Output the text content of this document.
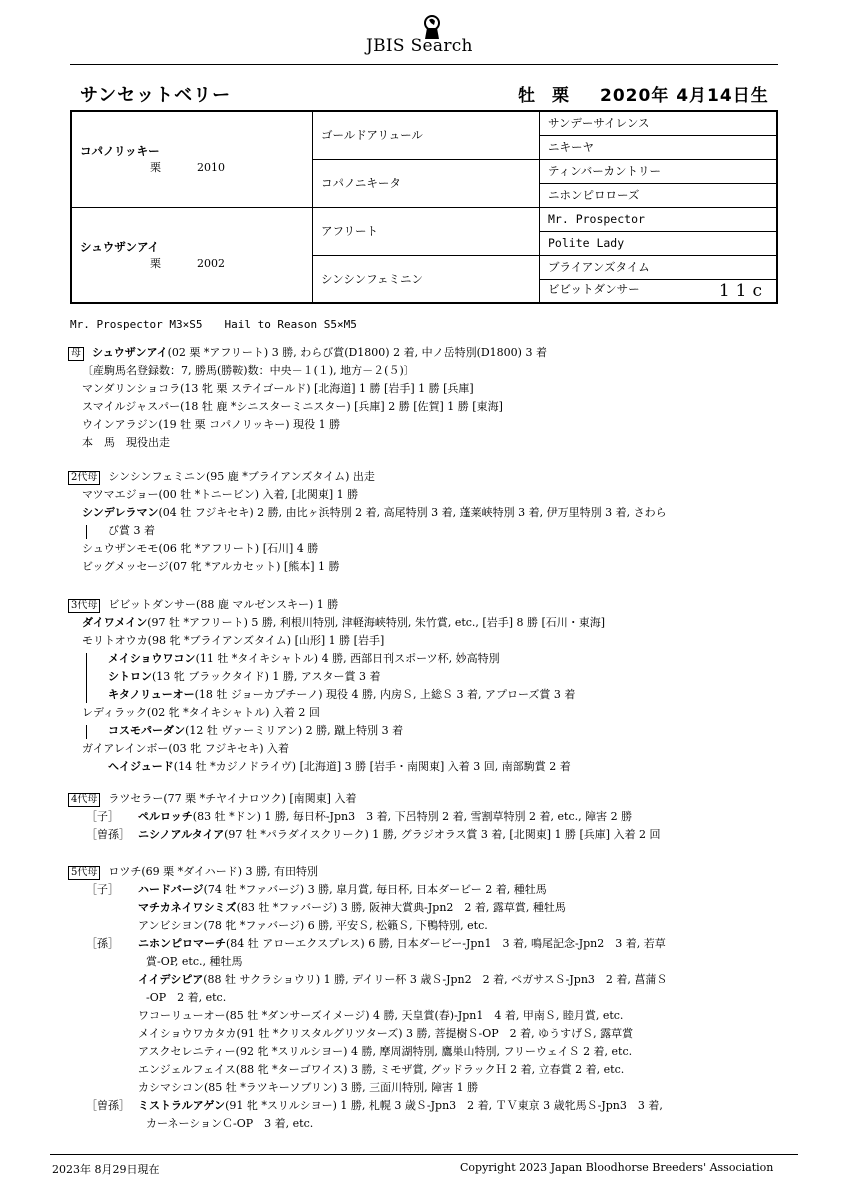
JBIS Search
サンセットベリー	牡 栗 2020年 4月14日生
コパノリッキー
栗 2010	ゴールドアリュール	サンデーサイレンス
		ニキーヤ
	コパノニキータ	ティンバーカントリー
		ニホンピロローズ

シュウザンアイ
栗 2002	アフリート	Mr. Prospector
		Polite Lady
	シンシンフェミニン	ブライアンズタイム
		ビビットダンサー 11c
Mr. Prospector M3×S5 Hail to Reason S5×M5
母 シュウザンアイ(02 栗 *アフリート) 3 勝, わらび賞(D1800) 2 着, 中ノ岳特別(D1800) 3 着
〔産駒馬名登録数：7, 勝馬(勝鞍)数：中央－１(１), 地方－２(５)〕
マンダリンショコラ(13 牝 栗 ステイゴールド) [北海道] 1 勝 [岩手] 1 勝 [兵庫]
スマイルジャスパー(18 牡 鹿 *シニスターミニスター) [兵庫] 2 勝 [佐賀] 1 勝 [東海]
ウインアラジン(19 牡 栗 コパノリッキー) 現役 1 勝
本　馬　現役出走
2代母 シンシンフェミニン(95 鹿 *ブライアンズタイム) 出走
マツマエジョー(00 牡 *トニービン) 入着, [北関東] 1 勝
シンデレラマン(04 牡 フジキセキ) 2 勝, 由比ヶ浜特別 2 着, 高尾特別 3 着, 蓬莱峡特別 3 着, 伊万里特別 3 着, さわら
び賞 3 着
シュウザンモモ(06 牝 *アフリート) [石川] 4 勝
ビッグメッセージ(07 牝 *アルカセット) [熊本] 1 勝
3代母 ビビットダンサー(88 鹿 マルゼンスキー) 1 勝
ダイワメイン(97 牡 *アフリート) 5 勝, 利根川特別, 津軽海峡特別, 朱竹賞, etc., [岩手] 8 勝 [石川・東海]
モリトオウカ(98 牝 *ブライアンズタイム) [山形] 1 勝 [岩手]
メイショウワコン(11 牡 *タイキシャトル) 4 勝, 西部日刊スポーツ杯, 妙高特別
シトロン(13 牝 ブラックタイド) 1 勝, アスター賞 3 着
キタノリューオー(18 牡 ジョーカプチーノ) 現役 4 勝, 内房Ｓ, 上総Ｓ 3 着, アプローズ賞 3 着
レディラック(02 牝 *タイキシャトル) 入着 2 回
コスモパーダン(12 牡 ヴァーミリアン) 2 勝, 蹴上特別 3 着
ガイアレインボー(03 牝 フジキセキ) 入着
ヘイジュード(14 牡 *カジノドライヴ) [北海道] 3 勝 [岩手・南関東] 入着 3 回, 南部駒賞 2 着
4代母 ラツセラー(77 栗 *チヤイナロツク) [南関東] 入着
［子］ ペルロッチ(83 牡 *ドン) 1 勝, 毎日杯-Jpn3　3 着, 下呂特別 2 着, 雪割草特別 2 着, etc., 障害 2 勝
［曽孫］ ニシノアルタイア(97 牡 *パラダイスクリーク) 1 勝, グラジオラス賞 3 着, [北関東] 1 勝 [兵庫] 入着 2 回
5代母 ロツチ(69 栗 *ダイハード) 3 勝, 有田特別
［子］ ハードバージ(74 牡 *ファバージ) 3 勝, 皐月賞, 毎日杯, 日本ダービー 2 着, 種牡馬
マチカネイワシミズ(83 牡 *ファバージ) 3 勝, 阪神大賞典-Jpn2　2 着, 露草賞, 種牡馬
アンビシヨン(78 牝 *ファバージ) 6 勝, 平安Ｓ, 松籟Ｓ, 下鴨特別, etc.
［孫］ ニホンピロマーチ(84 牡 アローエクスプレス) 6 勝, 日本ダービー-Jpn1　3 着, 鳴尾記念-Jpn2　3 着, 若草
賞-OP, etc., 種牡馬
イイデシピア(88 牡 サクラショウリ) 1 勝, デイリー杯 3 歳Ｓ-Jpn2　2 着, ペガサスＳ-Jpn3　2 着, 菖蒲Ｓ
-OP　2 着, etc.
ワコーリューオー(85 牡 *ダンサーズイメージ) 4 勝, 天皇賞(春)-Jpn1　4 着, 甲南Ｓ, 睦月賞, etc.
メイショウワカタカ(91 牡 *クリスタルグリツターズ) 3 勝, 菩提樹Ｓ-OP　2 着, ゆうすげＳ, 露草賞
アスクセレニティー(92 牝 *スリルシヨー) 4 勝, 摩周湖特別, 鷹巣山特別, フリーウェイＳ 2 着, etc.
エンジェルフェイス(88 牝 *ターゴワイス) 3 勝, ミモザ賞, グッドラックＨ 2 着, 立春賞 2 着, etc.
カシマシコン(85 牡 *ラツキーソブリン) 3 勝, 三面川特別, 障害 1 勝
［曽孫］ ミストラルアゲン(91 牝 *スリルシヨー) 1 勝, 札幌 3 歳Ｓ-Jpn3　2 着, ＴＶ東京 3 歳牝馬Ｓ-Jpn3　3 着,
カーネーションＣ-OP　3 着, etc.
2023年 8月29日現在	Copyright 2023 Japan Bloodhorse Breeders' Association
